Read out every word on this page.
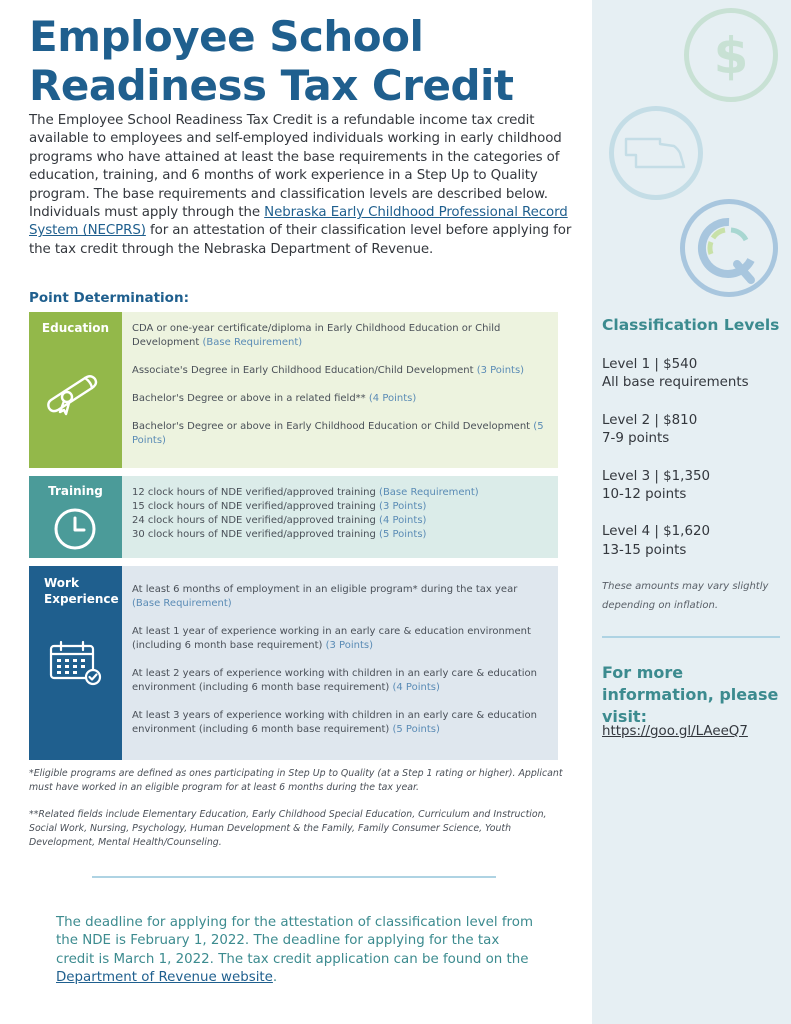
Employee School
Readiness Tax Credit

The Employee School Readiness Tax Credit is a refundable income tax credit available to employees and self-employed individuals working in early childhood programs who have attained at least the base requirements in the categories of education, training, and 6 months of work experience in a Step Up to Quality program. The base requirements and classification levels are described below. Individuals must apply through the Nebraska Early Childhood Professional Record System (NECPRS) for an attestation of their classification level before applying for the tax credit through the Nebraska Department of Revenue.

Point Determination:
Education	CDA or one-year certificate/diploma in Early Childhood Education or Child Development (Base Requirement)

Associate's Degree in Early Childhood Education/Child Development (3 Points)

Bachelor's Degree or above in a related field** (4 Points)

Bachelor's Degree or above in Early Childhood Education or Child Development (5 Points)

Training	12 clock hours of NDE verified/approved training (Base Requirement)

15 clock hours of NDE verified/approved training (3 Points)

24 clock hours of NDE verified/approved training (4 Points)

30 clock hours of NDE verified/approved training (5 Points)

Work
Experience

At least 6 months of employment in an eligible program* during the tax year (Base Requirement)

At least 1 year of experience working in an early care & education environment (including 6 month base requirement) (3 Points)

At least 2 years of experience working with children in an early care & education environment (including 6 month base requirement) (4 Points)

At least 3 years of experience working with children in an early care & education environment (including 6 month base requirement) (5 Points)

*Eligible programs are defined as ones participating in Step Up to Quality (at a Step 1 rating or higher). Applicant must have worked in an eligible program for at least 6 months during the tax year.

**Related fields include Elementary Education, Early Childhood Special Education, Curriculum and Instruction, Social Work, Nursing, Psychology, Human Development & the Family, Family Consumer Science, Youth Development, Mental Health/Counseling.

The deadline for applying for the attestation of classification level from the NDE is February 1, 2022. The deadline for applying for the tax credit is March 1, 2022. The tax credit application can be found on the Department of Revenue website.

$
Classification Levels
Level 1 | $540
All base requirements
Level 2 | $810
7-9 points
Level 3 | $1,350
10-12 points
Level 4 | $1,620
13-15 points

These amounts may vary slightly depending on inflation.

For more information, please visit:
https://goo.gl/LAeeQ7
